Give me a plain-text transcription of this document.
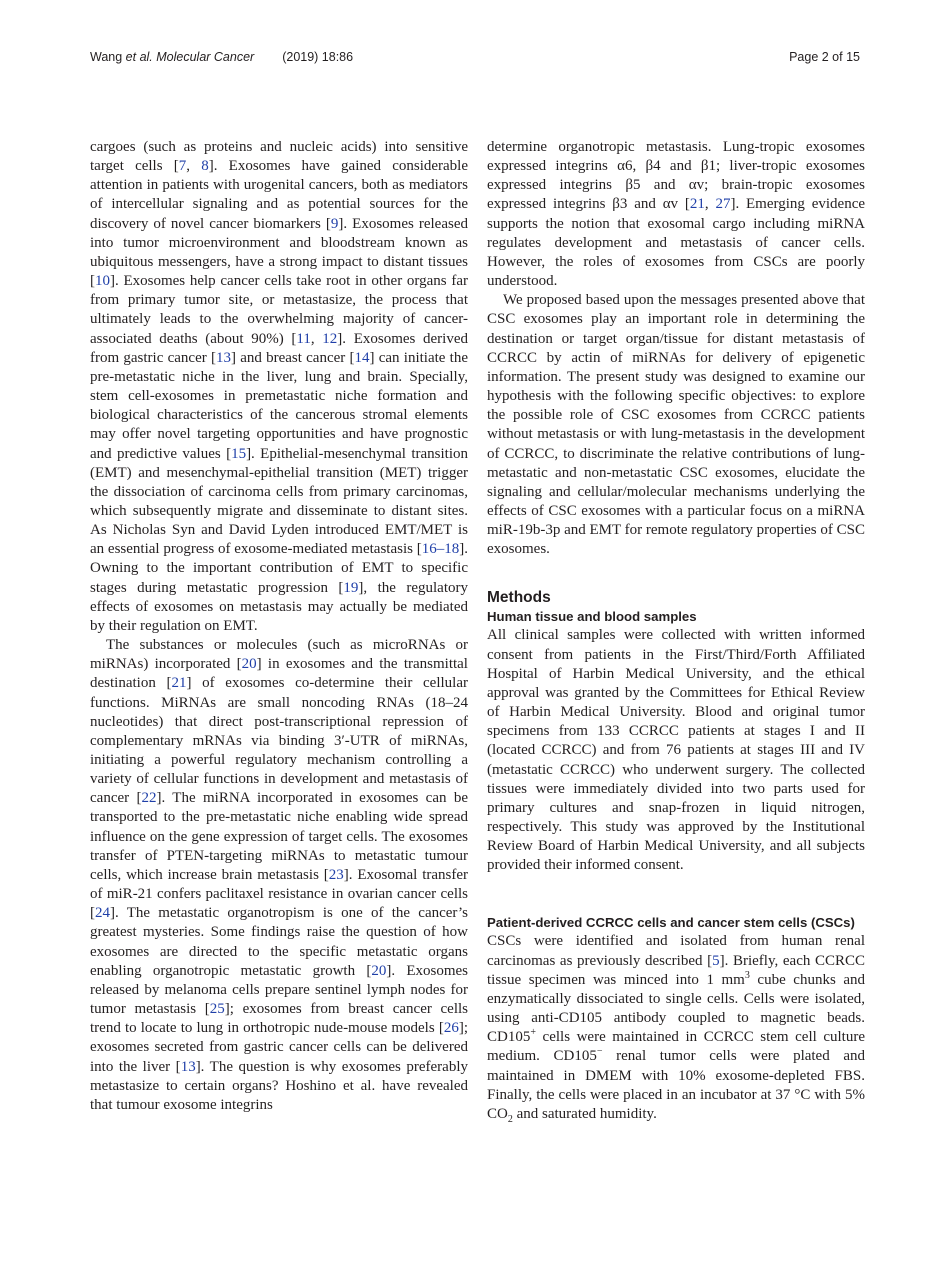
Wang et al. Molecular Cancer (2019) 18:86	Page 2 of 15

cargoes (such as proteins and nucleic acids) into sensitive target cells [7, 8]. Exosomes have gained considerable attention in patients with urogenital cancers, both as mediators of intercellular signaling and as potential sources for the discovery of novel cancer biomarkers [9]. Exosomes released into tumor microenvironment and bloodstream known as ubiquitous messengers, have a strong impact to distant tissues [10]. Exosomes help cancer cells take root in other organs far from primary tumor site, or metastasize, the process that ultimately leads to the overwhelming majority of cancer-associated deaths (about 90%) [11, 12]. Exosomes derived from gastric cancer [13] and breast cancer [14] can initiate the pre-metastatic niche in the liver, lung and brain. Specially, stem cell-exosomes in premetastatic niche formation and biological characteristics of the cancerous stromal elements may offer novel targeting opportunities and have prognostic and predictive values [15]. Epithelial-mesenchymal transition (EMT) and mesenchymal-epithelial transition (MET) trigger the dissociation of carcinoma cells from primary carcinomas, which subsequently migrate and disseminate to distant sites. As Nicholas Syn and David Lyden introduced EMT/MET is an essential progress of exosome-mediated metastasis [16–18]. Owning to the important contribution of EMT to specific stages during metastatic progression [19], the regulatory effects of exosomes on metastasis may actually be mediated by their regulation on EMT.

The substances or molecules (such as microRNAs or miRNAs) incorporated [20] in exosomes and the transmittal destination [21] of exosomes co-determine their cellular functions. MiRNAs are small noncoding RNAs (18–24 nucleotides) that direct post-transcriptional repression of complementary mRNAs via binding 3′-UTR of miRNAs, initiating a powerful regulatory mechanism controlling a variety of cellular functions in development and metastasis of cancer [22]. The miRNA incorporated in exosomes can be transported to the pre-metastatic niche enabling wide spread influence on the gene expression of target cells. The exosomes transfer of PTEN-targeting miRNAs to metastatic tumour cells, which increase brain metastasis [23]. Exosomal transfer of miR-21 confers paclitaxel resistance in ovarian cancer cells [24]. The metastatic organotropism is one of the cancer’s greatest mysteries. Some findings raise the question of how exosomes are directed to the specific metastatic organs enabling organotropic metastatic growth [20]. Exosomes released by melanoma cells prepare sentinel lymph nodes for tumor metastasis [25]; exosomes from breast cancer cells trend to locate to lung in orthotropic nude-mouse models [26]; exosomes secreted from gastric cancer cells can be delivered into the liver [13]. The question is why exosomes preferably metastasize to certain organs? Hoshino et al. have revealed that tumour exosome integrins

determine organotropic metastasis. Lung-tropic exosomes expressed integrins α6, β4 and β1; liver-tropic exosomes expressed integrins β5 and αv; brain-tropic exosomes expressed integrins β3 and αv [21, 27]. Emerging evidence supports the notion that exosomal cargo including miRNA regulates development and metastasis of cancer cells. However, the roles of exosomes from CSCs are poorly understood.

We proposed based upon the messages presented above that CSC exosomes play an important role in determining the destination or target organ/tissue for distant metastasis of CCRCC by actin of miRNAs for delivery of epigenetic information. The present study was designed to examine our hypothesis with the following specific objectives: to explore the possible role of CSC exosomes from CCRCC patients without metastasis or with lung-metastasis in the development of CCRCC, to discriminate the relative contributions of lung-metastatic and non-metastatic CSC exosomes, elucidate the signaling and cellular/molecular mechanisms underlying the effects of CSC exosomes with a particular focus on a miRNA miR-19b-3p and EMT for remote regulatory properties of CSC exosomes.

Methods
Human tissue and blood samples

All clinical samples were collected with written informed consent from patients in the First/Third/Forth Affiliated Hospital of Harbin Medical University, and the ethical approval was granted by the Committees for Ethical Review of Harbin Medical University. Blood and original tumor specimens from 133 CCRCC patients at stages I and II (located CCRCC) and from 76 patients at stages III and IV (metastatic CCRCC) who underwent surgery. The collected tissues were immediately divided into two parts used for primary cultures and snap-frozen in liquid nitrogen, respectively. This study was approved by the Institutional Review Board of Harbin Medical University, and all subjects provided their informed consent.

Patient-derived CCRCC cells and cancer stem cells (CSCs)

CSCs were identified and isolated from human renal carcinomas as previously described [5]. Briefly, each CCRCC tissue specimen was minced into 1 $mm^3$ cube chunks and enzymatically dissociated to single cells. Cells were isolated, using anti-CD105 antibody coupled to magnetic beads. CD105+ cells were maintained in CCRCC stem cell culture medium. CD105− renal tumor cells were plated and maintained in DMEM with 10% exosome-depleted FBS. Finally, the cells were placed in an incubator at 37 °C with 5% $CO_2$ and saturated humidity.
